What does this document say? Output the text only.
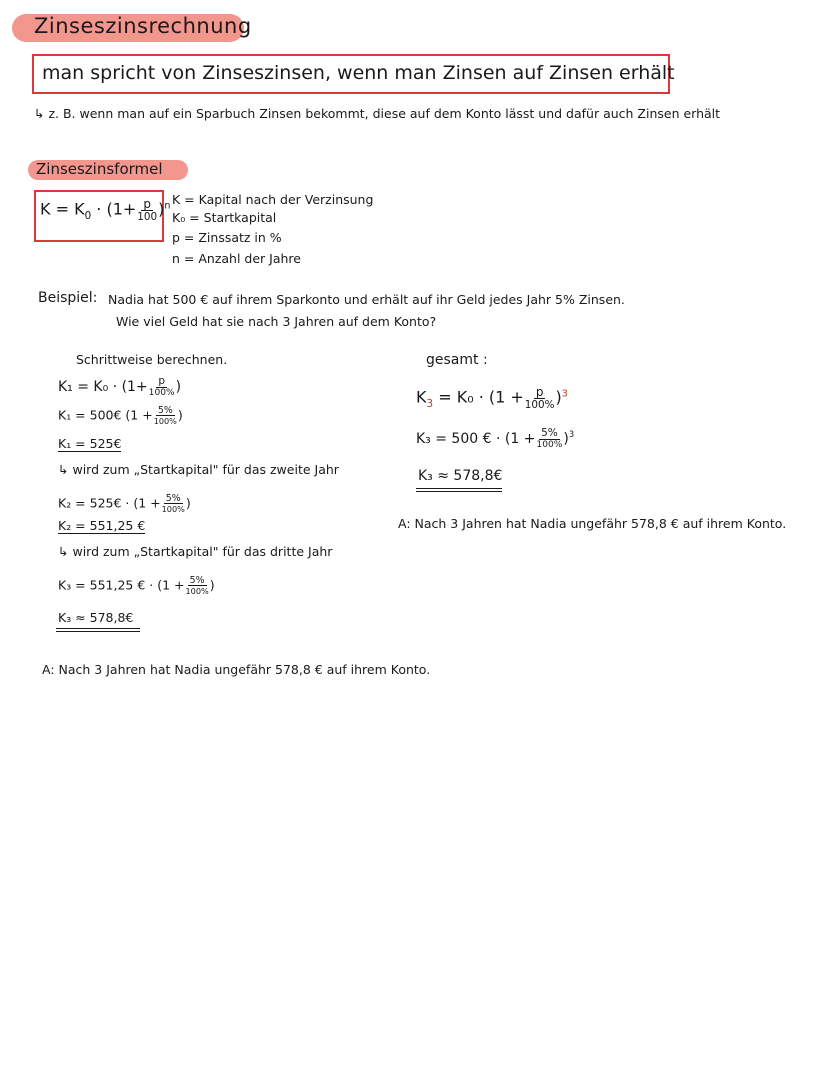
Zinseszinsrechnung
man spricht von Zinseszinsen, wenn man Zinsen auf Zinsen erhält
↳ z. B. wenn man auf ein Sparbuch Zinsen bekommt, diese auf dem Konto lässt und dafür auch Zinsen erhält
Zinseszinsformel
$K = K_0 \cdot (1+ \frac{p}{100} )^n$ K = Kapital nach der Verzinsung
K₀ = Startkapital
p = Zinssatz in %
n = Anzahl der Jahre
Beispiel: Nadia hat 500 € auf ihrem Sparkonto und erhält auf ihr Geld jedes Jahr 5% Zinsen.
Wie viel Geld hat sie nach 3 Jahren auf dem Konto?
Schrittweise berechnen.
$K_1 = K_0 \cdot (1+ \frac{p}{100\%}$ )
K₁ = 500€ ($1 + \frac{5\%}{100\%}$ )
K₁ = 525€
↳ wird zum „Startkapital" für das zweite Jahr
K₂ = 525€ · ($1 + \frac{5\%}{100\%}$ )
K₂ = 551,25 €
↳ wird zum „Startkapital" für das dritte Jahr
K₃ = 551,25 € · ($1 + \frac{5\%}{100\%}$ )
K₃ ≈ 578,8€
gesamt :
$K_3 = K_0 \cdot (1 + \frac{p}{100\%} )^3$
K₃ = 500 € · $(1 + \frac{5\%}{100\%} )^3$
K₃ ≈ 578,8€
A: Nach 3 Jahren hat Nadia ungefähr 578,8 € auf ihrem Konto.
A: Nach 3 Jahren hat Nadia ungefähr 578,8 € auf ihrem Konto.
